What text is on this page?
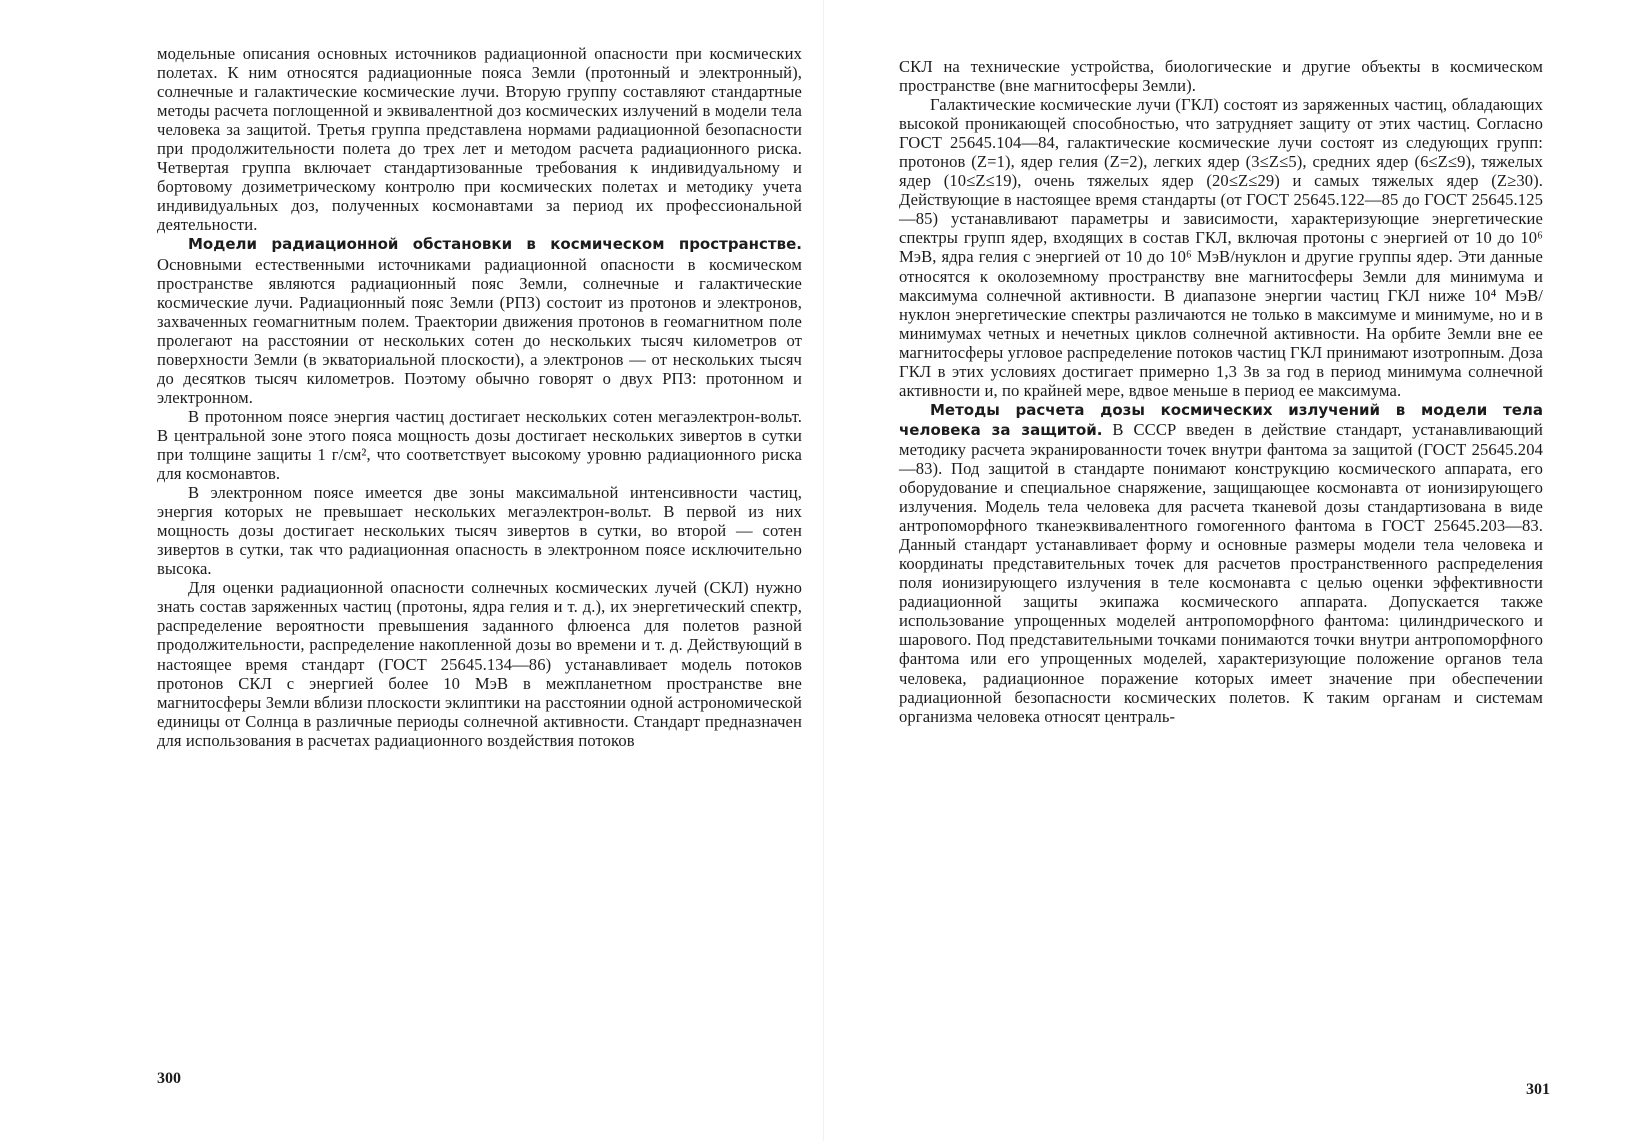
модельные описания основных источников радиационной опасности при космических полетах. К ним относятся радиационные пояса Земли (протонный и электронный), солнечные и галактические космические лучи. Вторую группу составляют стандартные методы расчета поглощенной и эквивалентной доз космических излучений в модели тела человека за защитой. Третья группа представлена нормами радиационной безопасности при продолжительности полета до трех лет и методом расчета радиационного риска. Четвертая группа включает стандартизованные требования к индивидуальному и бортовому дозиметрическому контролю при космических полетах и методику учета индивидуальных доз, полученных космонавтами за период их профессиональной деятельности.

Модели радиационной обстановки в космическом пространстве. Основными естественными источниками радиационной опасности в космическом пространстве являются радиационный пояс Земли, солнечные и галактические космические лучи. Радиационный пояс Земли (РПЗ) состоит из протонов и электронов, захваченных геомагнитным полем. Траектории движения протонов в геомагнитном поле пролегают на расстоянии от нескольких сотен до нескольких тысяч километров от поверхности Земли (в экваториальной плоскости), а электронов — от нескольких тысяч до десятков тысяч километров. Поэтому обычно говорят о двух РПЗ: протонном и электронном.

В протонном поясе энергия частиц достигает нескольких сотен мегаэлектрон-вольт. В центральной зоне этого пояса мощность дозы достигает нескольких зивертов в сутки при толщине защиты 1 г/см², что соответствует высокому уровню радиационного риска для космонавтов.

В электронном поясе имеется две зоны максимальной интенсивности частиц, энергия которых не превышает нескольких мегаэлектрон-вольт. В первой из них мощность дозы достигает нескольких тысяч зивертов в сутки, во второй — сотен зивертов в сутки, так что радиационная опасность в электронном поясе исключительно высока.

Для оценки радиационной опасности солнечных космических лучей (СКЛ) нужно знать состав заряженных частиц (протоны, ядра гелия и т. д.), их энергетический спектр, распределение вероятности превышения заданного флюенса для полетов разной продолжительности, распределение накопленной дозы во времени и т. д. Действующий в настоящее время стандарт (ГОСТ 25645.134—86) устанавливает модель потоков протонов СКЛ с энергией более 10 МэВ в межпланетном пространстве вне магнитосферы Земли вблизи плоскости эклиптики на расстоянии одной астрономической единицы от Солнца в различные периоды солнечной активности. Стандарт предназначен для использования в расчетах радиационного воздействия потоков

300

СКЛ на технические устройства, биологические и другие объекты в космическом пространстве (вне магнитосферы Земли).

Галактические космические лучи (ГКЛ) состоят из заряженных частиц, обладающих высокой проникающей способностью, что затрудняет защиту от этих частиц. Согласно ГОСТ 25645.104—84, галактические космические лучи состоят из следующих групп: протонов (Z=1), ядер гелия (Z=2), легких ядер (3≤Z≤5), средних ядер (6≤Z≤9), тяжелых ядер (10≤Z≤19), очень тяжелых ядер (20≤Z≤29) и самых тяжелых ядер (Z≥30). Действующие в настоящее время стандарты (от ГОСТ 25645.122—85 до ГОСТ 25645.125—85) устанавливают параметры и зависимости, характеризующие энергетические спектры групп ядер, входящих в состав ГКЛ, включая протоны с энергией от 10 до 10⁶ МэВ, ядра гелия с энергией от 10 до 10⁶ МэВ/нуклон и другие группы ядер. Эти данные относятся к околоземному пространству вне магнитосферы Земли для минимума и максимума солнечной активности. В диапазоне энергии частиц ГКЛ ниже 10⁴ МэВ/нуклон энергетические спектры различаются не только в максимуме и минимуме, но и в минимумах четных и нечетных циклов солнечной активности. На орбите Земли вне ее магнитосферы угловое распределение потоков частиц ГКЛ принимают изотропным. Доза ГКЛ в этих условиях достигает примерно 1,3 Зв за год в период минимума солнечной активности и, по крайней мере, вдвое меньше в период ее максимума.

Методы расчета дозы космических излучений в модели тела человека за защитой. В СССР введен в действие стандарт, устанавливающий методику расчета экранированности точек внутри фантома за защитой (ГОСТ 25645.204—83). Под защитой в стандарте понимают конструкцию космического аппарата, его оборудование и специальное снаряжение, защищающее космонавта от ионизирующего излучения. Модель тела человека для расчета тканевой дозы стандартизована в виде антропоморфного тканеэквивалентного гомогенного фантома в ГОСТ 25645.203—83. Данный стандарт устанавливает форму и основные размеры модели тела человека и координаты представительных точек для расчетов пространственного распределения поля ионизирующего излучения в теле космонавта с целью оценки эффективности радиационной защиты экипажа космического аппарата. Допускается также использование упрощенных моделей антропоморфного фантома: цилиндрического и шарового. Под представительными точками понимаются точки внутри антропоморфного фантома или его упрощенных моделей, характеризующие положение органов тела человека, радиационное поражение которых имеет значение при обеспечении радиационной безопасности космических полетов. К таким органам и системам организма человека относят централь-

301
